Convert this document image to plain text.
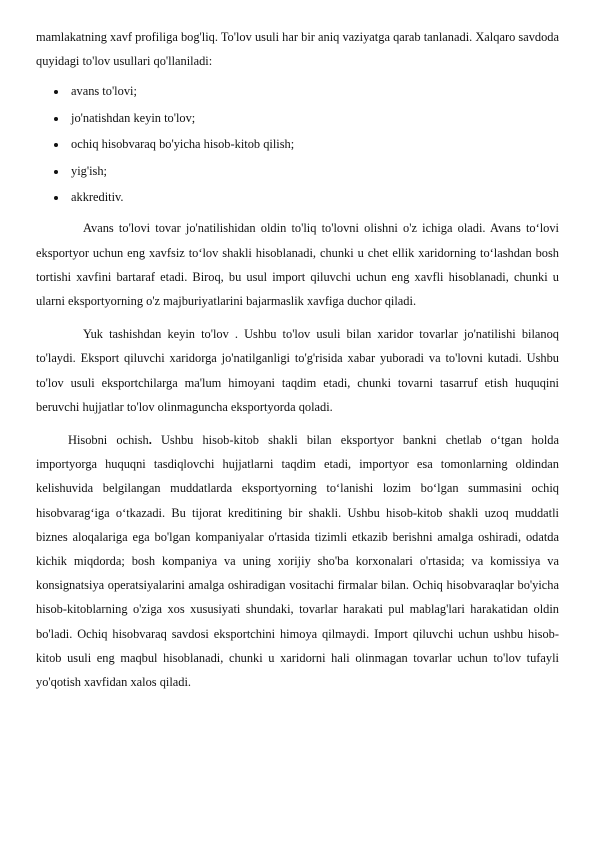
mamlakatning xavf profiliga bog'liq. To'lov usuli har bir aniq vaziyatga qarab tanlanadi. Xalqaro savdoda quyidagi to'lov usullari qo'llaniladi:

avans to'lovi;
jo'natishdan keyin to'lov;
ochiq hisobvaraq bo'yicha hisob-kitob qilish;
yig'ish;
akkreditiv.

Avans to'lovi tovar jo'natilishidan oldin to'liq to'lovni olishni o'z ichiga oladi. Avans to‘lovi eksportyor uchun eng xavfsiz to‘lov shakli hisoblanadi, chunki u chet ellik xaridorning to‘lashdan bosh tortishi xavfini bartaraf etadi. Biroq, bu usul import qiluvchi uchun eng xavfli hisoblanadi, chunki u ularni eksportyorning o'z majburiyatlarini bajarmaslik xavfiga duchor qiladi.

Yuk tashishdan keyin to'lov . Ushbu to'lov usuli bilan xaridor tovarlar jo'natilishi bilanoq to'laydi. Eksport qiluvchi xaridorga jo'natilganligi to'g'risida xabar yuboradi va to'lovni kutadi. Ushbu to'lov usuli eksportchilarga ma'lum himoyani taqdim etadi, chunki tovarni tasarruf etish huquqini beruvchi hujjatlar to'lov olinmaguncha eksportyorda qoladi.

Hisobni ochish. Ushbu hisob-kitob shakli bilan eksportyor bankni chetlab o‘tgan holda importyorga huquqni tasdiqlovchi hujjatlarni taqdim etadi, importyor esa tomonlarning oldindan kelishuvida belgilangan muddatlarda eksportyorning to‘lanishi lozim bo‘lgan summasini ochiq hisobvarag‘iga o‘tkazadi. Bu tijorat kreditining bir shakli. Ushbu hisob-kitob shakli uzoq muddatli biznes aloqalariga ega bo'lgan kompaniyalar o'rtasida tizimli etkazib berishni amalga oshiradi, odatda kichik miqdorda; bosh kompaniya va uning xorijiy sho'ba korxonalari o'rtasida; va komissiya va konsignatsiya operatsiyalarini amalga oshiradigan vositachi firmalar bilan. Ochiq hisobvaraqlar bo'yicha hisob-kitoblarning o'ziga xos xususiyati shundaki, tovarlar harakati pul mablag'lari harakatidan oldin bo'ladi. Ochiq hisobvaraq savdosi eksportchini himoya qilmaydi. Import qiluvchi uchun ushbu hisob-kitob usuli eng maqbul hisoblanadi, chunki u xaridorni hali olinmagan tovarlar uchun to'lov tufayli yo'qotish xavfidan xalos qiladi.
